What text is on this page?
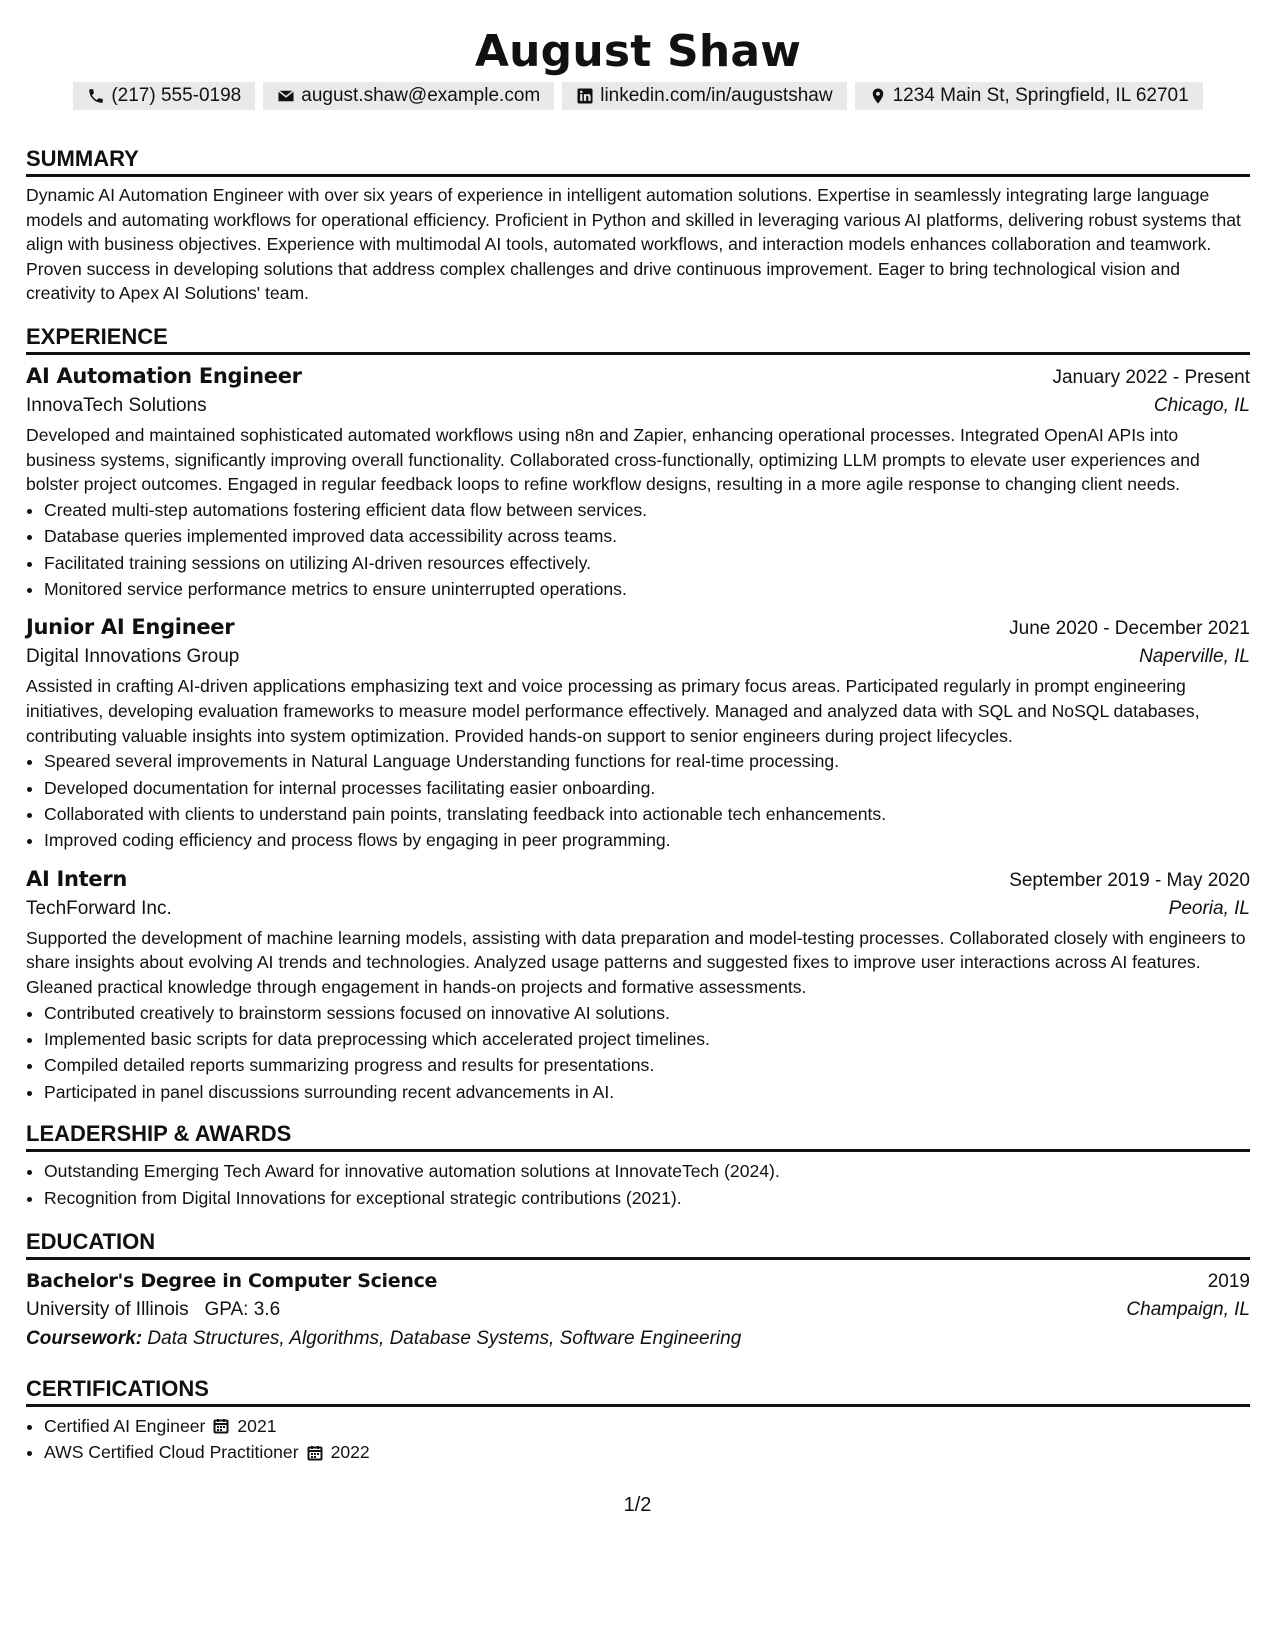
August Shaw
(217) 555-0198	august.shaw@example.com	linkedin.com/in/augustshaw	1234 Main St, Springfield, IL 62701
SUMMARY

Dynamic AI Automation Engineer with over six years of experience in intelligent automation solutions. Expertise in seamlessly integrating large language models and automating workflows for operational efficiency. Proficient in Python and skilled in leveraging various AI platforms, delivering robust systems that align with business objectives. Experience with multimodal AI tools, automated workflows, and interaction models enhances collaboration and teamwork. Proven success in developing solutions that address complex challenges and drive continuous improvement. Eager to bring technological vision and creativity to Apex AI Solutions' team.

EXPERIENCE
AI Automation Engineer	January 2022 - Present
InnovaTech Solutions	Chicago, IL

Developed and maintained sophisticated automated workflows using n8n and Zapier, enhancing operational processes. Integrated OpenAI APIs into business systems, significantly improving overall functionality. Collaborated cross-functionally, optimizing LLM prompts to elevate user experiences and bolster project outcomes. Engaged in regular feedback loops to refine workflow designs, resulting in a more agile response to changing client needs.

• Created multi-step automations fostering efficient data flow between services.
• Database queries implemented improved data accessibility across teams.
• Facilitated training sessions on utilizing AI-driven resources effectively.
• Monitored service performance metrics to ensure uninterrupted operations.
Junior AI Engineer	June 2020 - December 2021
Digital Innovations Group	Naperville, IL

Assisted in crafting AI-driven applications emphasizing text and voice processing as primary focus areas. Participated regularly in prompt engineering initiatives, developing evaluation frameworks to measure model performance effectively. Managed and analyzed data with SQL and NoSQL databases, contributing valuable insights into system optimization. Provided hands-on support to senior engineers during project lifecycles.

• Speared several improvements in Natural Language Understanding functions for real-time processing.
• Developed documentation for internal processes facilitating easier onboarding.
• Collaborated with clients to understand pain points, translating feedback into actionable tech enhancements.
• Improved coding efficiency and process flows by engaging in peer programming.
AI Intern	September 2019 - May 2020
TechForward Inc.	Peoria, IL

Supported the development of machine learning models, assisting with data preparation and model-testing processes. Collaborated closely with engineers to share insights about evolving AI trends and technologies. Analyzed usage patterns and suggested fixes to improve user interactions across AI features. Gleaned practical knowledge through engagement in hands-on projects and formative assessments.

• Contributed creatively to brainstorm sessions focused on innovative AI solutions.
• Implemented basic scripts for data preprocessing which accelerated project timelines.
• Compiled detailed reports summarizing progress and results for presentations.
• Participated in panel discussions surrounding recent advancements in AI.
LEADERSHIP & AWARDS
• Outstanding Emerging Tech Award for innovative automation solutions at InnovateTech (2024).
• Recognition from Digital Innovations for exceptional strategic contributions (2021).
EDUCATION
Bachelor's Degree in Computer Science	2019
University of Illinois GPA: 3.6	Champaign, IL
Coursework: Data Structures, Algorithms, Database Systems, Software Engineering
CERTIFICATIONS
• Certified AI Engineer 2021
• AWS Certified Cloud Practitioner 2022
1/2
